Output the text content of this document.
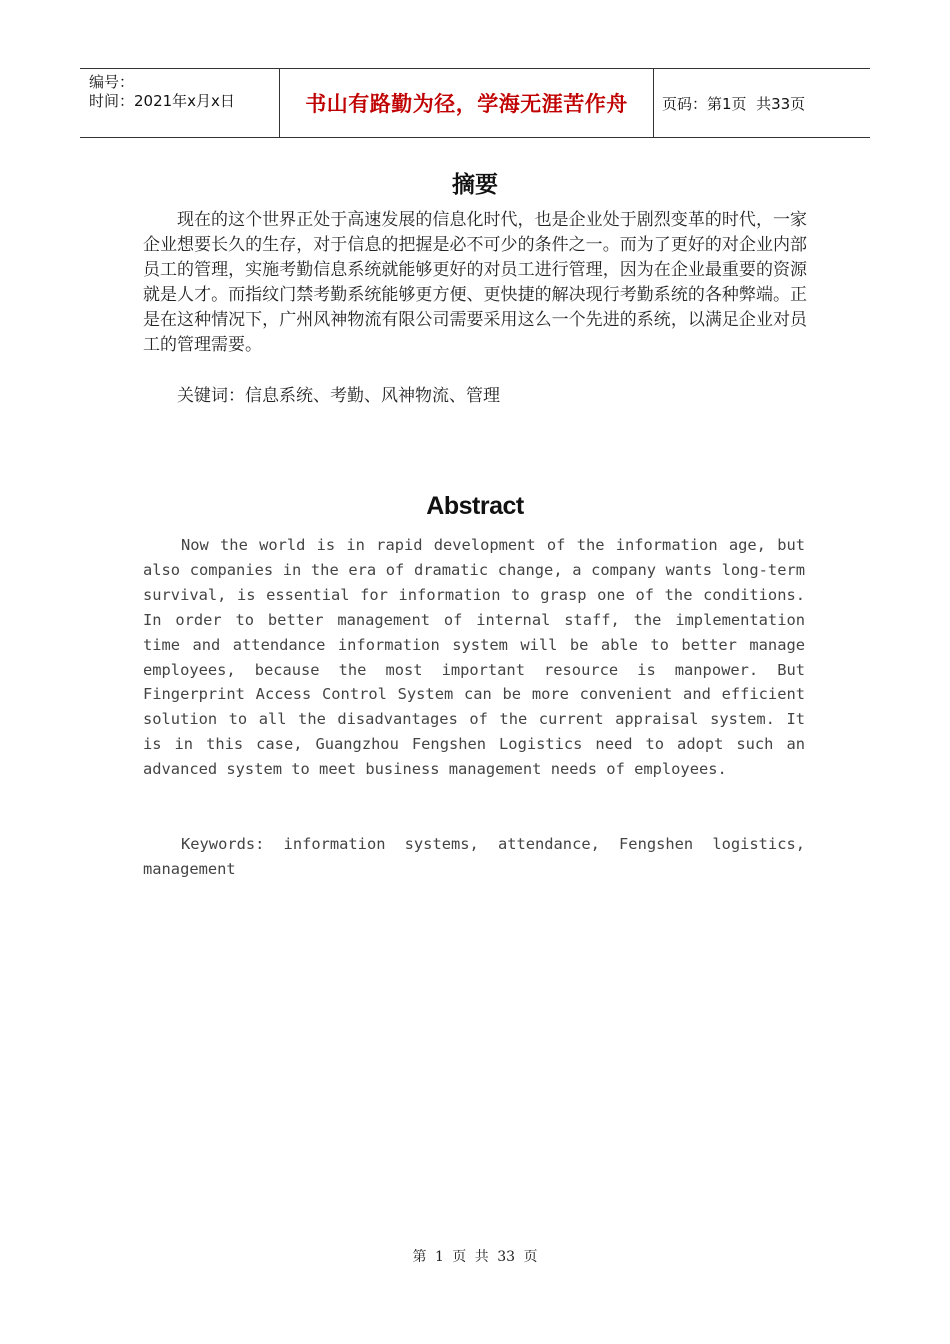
编号：
时间：2021年x月x日	书山有路勤为径，学海无涯苦作舟	页码：第1页  共33页
摘要

现在的这个世界正处于高速发展的信息化时代，也是企业处于剧烈变革的时代，一家企业想要长久的生存，对于信息的把握是必不可少的条件之一。而为了更好的对企业内部员工的管理，实施考勤信息系统就能够更好的对员工进行管理，因为在企业最重要的资源就是人才。而指纹门禁考勤系统能够更方便、更快捷的解决现行考勤系统的各种弊端。正是在这种情况下，广州风神物流有限公司需要采用这么一个先进的系统，以满足企业对员工的管理需要。

关键词：信息系统、考勤、风神物流、管理

Abstract

Now the world is in rapid development of the information age, but also companies in the era of dramatic change, a company wants long-term survival, is essential for information to grasp one of the conditions. In order to better management of internal staff, the implementation time and attendance information system will be able to better manage employees, because the most important resource is manpower. But Fingerprint Access Control System can be more convenient and efficient solution to all the disadvantages of the current appraisal system. It is in this case, Guangzhou Fengshen Logistics need to adopt such an advanced system to meet business management needs of employees.

Keywords: information systems, attendance, Fengshen logistics, management

第 1 页 共 33 页
